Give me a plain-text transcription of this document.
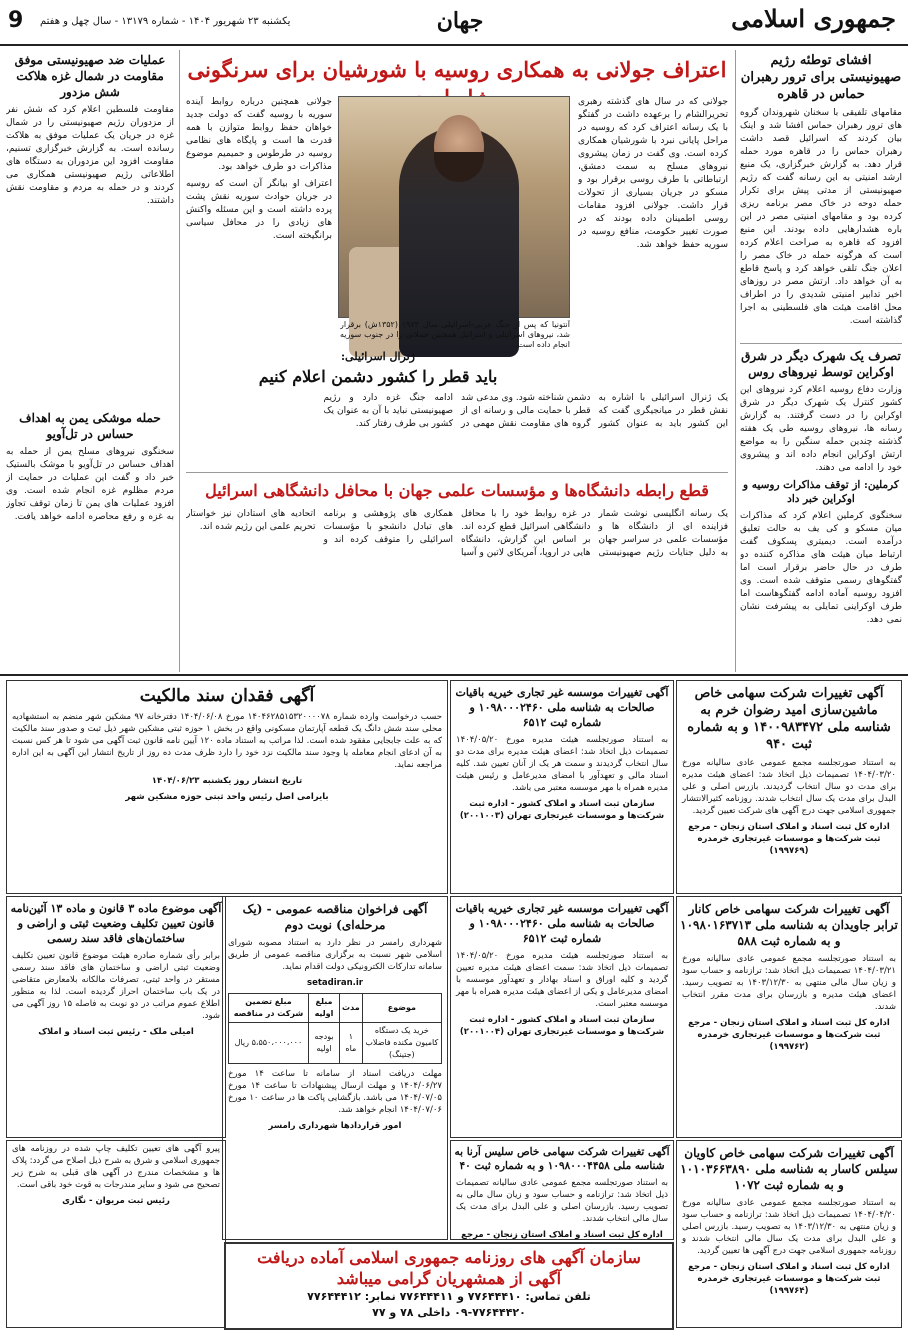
جمهوری اسلامی
جهان
یکشنبه ۲۳ شهریور ۱۴۰۴ - شماره ۱۳۱۷۹ - سال چهل و هفتم
9
افشای توطئه رژیم صهیونیستی برای ترور رهبران حماس در قاهره
مقامهای تلفیقی با سخنان شهروندان گروه های ترور رهبران حماس افشا شد و اینک بیان کردند که اسرائیل قصد داشت رهبران حماس را در قاهره مورد حمله قرار دهد. به گزارش خبرگزاری، یک منبع ارشد امنیتی به این رسانه گفت که رژیم صهیونیستی از مدتی پیش برای تکرار حمله دوحه در خاک مصر برنامه ریزی کرده بود و مقامهای امنیتی مصر در این باره هشدارهایی داده بودند. این منبع افزود که قاهره به صراحت اعلام کرده است که هرگونه حمله در خاک مصر را اعلان جنگ تلقی خواهد کرد و پاسخ قاطع به آن خواهد داد. ارتش مصر در روزهای اخیر تدابیر امنیتی شدیدی را در اطراف محل اقامت هیئت های فلسطینی به اجرا گذاشته است.
تصرف یک شهرک دیگر در شرق اوکراین توسط نیروهای روس
وزارت دفاع روسیه اعلام کرد نیروهای این کشور کنترل یک شهرک دیگر در شرق اوکراین را در دست گرفتند. به گزارش رسانه ها، نیروهای روسیه طی یک هفته گذشته چندین حمله سنگین را به مواضع ارتش اوکراین انجام داده اند و پیشروی خود را ادامه می دهند.
کرملین: از توقف مذاکرات روسیه و اوکراین خبر داد
سخنگوی کرملین اعلام کرد که مذاکرات میان مسکو و کی یف به حالت تعلیق درآمده است. دیمیتری پسکوف گفت ارتباط میان هیئت های مذاکره کننده دو طرف در حال حاضر برقرار است اما گفتگوهای رسمی متوقف شده است. وی افزود روسیه آماده ادامه گفتگوهاست اما طرف اوکراینی تمایلی به پیشرفت نشان نمی دهد.
اعتراف جولانی به همکاری روسیه با شورشیان برای سرنگونی
جولانی که در سال های گذشته رهبری تحریرالشام را برعهده داشت در گفتگو با یک رسانه اعتراف کرد که روسیه در مراحل پایانی نبرد با شورشیان همکاری کرده است. وی گفت در زمان پیشروی نیروهای مسلح به سمت دمشق، ارتباطاتی با طرف روسی برقرار بود و مسکو در جریان بسیاری از تحولات قرار داشت. جولانی افزود مقامات روسی اطمینان داده بودند که در صورت تغییر حکومت، منافع روسیه در سوریه حفظ خواهد شد.
آنتونیا که پس از جنگ عربی-اسرائیلی سال ۱۹۷۳ (۱۳۵۲ش) برقرار شد، نیروهای اسرائیلی و اسرائیل همچنین حملاتی را در جنوب سوریه انجام داده است.
جولانی همچنین درباره روابط آینده سوریه با روسیه گفت که دولت جدید خواهان حفظ روابط متوازن با همه قدرت ها است و پایگاه های نظامی روسیه در طرطوس و حمیمیم موضوع مذاکرات دو طرف خواهد بود.
اعتراف او بیانگر آن است که روسیه در جریان حوادث سوریه نقش پشت پرده داشته است و این مسئله واکنش های زیادی را در محافل سیاسی برانگیخته است.
ژنرال اسرائیلی:
باید قطر را کشور دشمن اعلام کنیم
یک ژنرال اسرائیلی با اشاره به نقش قطر در میانجیگری گفت که این کشور باید به عنوان کشور دشمن شناخته شود. وی مدعی شد قطر با حمایت مالی و رسانه ای از گروه های مقاومت نقش مهمی در ادامه جنگ غزه دارد و رژیم صهیونیستی نباید با آن به عنوان یک کشور بی طرف رفتار کند.
قطع رابطه دانشگاه‌ها و مؤسسات علمی جهان با محافل دانشگاهی اسرائیل
یک رسانه انگلیسی نوشت شمار فزاینده ای از دانشگاه ها و مؤسسات علمی در سراسر جهان به دلیل جنایات رژیم صهیونیستی در غزه روابط خود را با محافل دانشگاهی اسرائیل قطع کرده اند. بر اساس این گزارش، دانشگاه هایی در اروپا، آمریکای لاتین و آسیا همکاری های پژوهشی و برنامه های تبادل دانشجو با مؤسسات اسرائیلی را متوقف کرده اند و اتحادیه های استادان نیز خواستار تحریم علمی این رژیم شده اند.
عملیات ضد صهیونیستی موفق مقاومت در شمال غزه هلاکت شش مزدور
مقاومت فلسطین اعلام کرد که شش نفر از مزدوران رژیم صهیونیستی را در شمال غزه در جریان یک عملیات موفق به هلاکت رسانده است. به گزارش خبرگزاری تسنیم، مقاومت افزود این مزدوران به دستگاه های اطلاعاتی رژیم صهیونیستی همکاری می کردند و در حمله به مردم و مقاومت نقش داشتند.
حمله موشکی یمن به اهداف حساس در تل‌آویو
سخنگوی نیروهای مسلح یمن از حمله به اهداف حساس در تل‌آویو با موشک بالستیک خبر داد و گفت این عملیات در حمایت از مردم مظلوم غزه انجام شده است. وی افزود عملیات های یمن تا زمان توقف تجاوز به غزه و رفع محاصره ادامه خواهد یافت.
آگهی تغییرات شرکت سهامی خاص ماشین‌سازی امید رضوان خرم به شناسه ملی ۱۴۰۰۹۸۳۴۷۲ و به شماره ثبت ۹۴۰
به استناد صورتجلسه مجمع عمومی عادی سالیانه مورخ ۱۴۰۴/۰۳/۲۰ تصمیمات ذیل اتخاذ شد: اعضای هیئت مدیره برای مدت دو سال انتخاب گردیدند. بازرس اصلی و علی البدل برای مدت یک سال انتخاب شدند. روزنامه کثیرالانتشار جمهوری اسلامی جهت درج آگهی های شرکت تعیین گردید.
اداره کل ثبت اسناد و املاک استان زنجان - مرجع ثبت شرکت‌ها و موسسات غیرتجاری خرمدره (۱۹۹۷۶۹)
آگهی تغییرات موسسه غیر تجاری خیریه باقیات صالحات به شناسه ملی ۱۰۹۸۰۰۰۲۴۶۰ و شماره ثبت ۶۵۱۲
به استناد صورتجلسه هیئت مدیره مورخ ۱۴۰۴/۰۵/۲۰ تصمیمات ذیل اتخاذ شد: اعضای هیئت مدیره برای مدت دو سال انتخاب گردیدند و سمت هر یک از آنان تعیین شد. کلیه اسناد مالی و تعهدآور با امضای مدیرعامل و رئیس هیئت مدیره همراه با مهر موسسه معتبر می باشد.
سازمان ثبت اسناد و املاک کشور - اداره ثبت شرکت‌ها و موسسات غیرتجاری تهران (۲۰۰۱۰۰۳)
آگهی فقدان سند مالکیت
حسب درخواست وارده شماره ۱۴۰۴۶۲۸۵۱۵۳۲۰۰۰۰۷۸ مورخ ۱۴۰۴/۰۶/۰۸ دفترخانه ۹۷ مشکین شهر منضم به استشهادیه محلی سند شش دانگ یک قطعه آپارتمان مسکونی واقع در بخش ۱ حوزه ثبتی مشکین شهر ذیل ثبت و صدور سند مالکیت که به علت جابجایی مفقود شده است. لذا مراتب به استناد ماده ۱۲۰ آیین نامه قانون ثبت آگهی می شود تا هر کس نسبت به آن ادعای انجام معامله یا وجود سند مالکیت نزد خود را دارد ظرف مدت ده روز از تاریخ انتشار این آگهی به این اداره مراجعه نماید.
تاریخ انتشار روز یکشنبه ۱۴۰۴/۰۶/۲۳
بایرامی اصل رئیس واحد ثبتی حوزه مشکین شهر
آگهی تغییرات شرکت سهامی خاص کانار ترابر جاویدان به شناسه ملی ۱۰۹۸۰۱۶۳۷۱۳ و به شماره ثبت ۵۸۸
به استناد صورتجلسه مجمع عمومی عادی سالیانه مورخ ۱۴۰۴/۰۳/۲۱ تصمیمات ذیل اتخاذ شد: ترازنامه و حساب سود و زیان سال مالی منتهی به ۱۴۰۳/۱۲/۳۰ به تصویب رسید. اعضای هیئت مدیره و بازرسان برای مدت مقرر انتخاب شدند.
اداره کل ثبت اسناد و املاک استان زنجان - مرجع ثبت شرکت‌ها و موسسات غیرتجاری خرمدره (۱۹۹۷۶۲)
آگهی تغییرات موسسه غیر تجاری خیریه باقیات صالحات به شناسه ملی ۱۰۹۸۰۰۰۲۴۶۰ و شماره ثبت ۶۵۱۲
به استناد صورتجلسه هیئت مدیره مورخ ۱۴۰۴/۰۵/۲۰ تصمیمات ذیل اتخاذ شد: سمت اعضای هیئت مدیره تعیین گردید و کلیه اوراق و اسناد بهادار و تعهدآور موسسه با امضای مدیرعامل و یکی از اعضای هیئت مدیره همراه با مهر موسسه معتبر است.
سازمان ثبت اسناد و املاک کشور - اداره ثبت شرکت‌ها و موسسات غیرتجاری تهران (۲۰۰۱۰۰۴)
آگهی فراخوان مناقصه عمومی - (یک مرحله‌ای) نوبت دوم
شهرداری رامسر در نظر دارد به استناد مصوبه شورای اسلامی شهر نسبت به برگزاری مناقصه عمومی از طریق سامانه تدارکات الکترونیکی دولت اقدام نماید.
setadiran.ir
موضوع	مدت	مبلغ اولیه	مبلغ تضمین شرکت در مناقصه
خرید یک دستگاه کامیون مکنده فاضلاب (جتینگ)	۱ ماه	بودجه اولیه	۵،۵۵۰،۰۰۰،۰۰۰ ریال
مهلت دریافت اسناد از سامانه تا ساعت ۱۴ مورخ ۱۴۰۴/۰۶/۲۷ و مهلت ارسال پیشنهادات تا ساعت ۱۴ مورخ ۱۴۰۴/۰۷/۰۵ می باشد. بازگشایی پاکت ها در ساعت ۱۰ مورخ ۱۴۰۴/۰۷/۰۶ انجام خواهد شد.
امور قراردادها شهرداری رامسر
آگهی موضوع ماده ۳ قانون و ماده ۱۳ آئین‌نامه قانون تعیین تکلیف وضعیت ثبتی و اراضی و ساختمان‌های فاقد سند رسمی
برابر رأی شماره صادره هیئت موضوع قانون تعیین تکلیف وضعیت ثبتی اراضی و ساختمان های فاقد سند رسمی مستقر در واحد ثبتی، تصرفات مالکانه بلامعارض متقاضی در یک باب ساختمان احراز گردیده است. لذا به منظور اطلاع عموم مراتب در دو نوبت به فاصله ۱۵ روز آگهی می شود.
امیلی ملک - رئیس ثبت اسناد و املاک
آگهی تغییرات شرکت سهامی خاص کاویان سیلس کاسار به شناسه ملی ۱۰۱۰۳۶۶۳۸۹۰ و به شماره ثبت ۱۰۷۲
به استناد صورتجلسه مجمع عمومی عادی سالیانه مورخ ۱۴۰۴/۰۴/۲۰ تصمیمات ذیل اتخاذ شد: ترازنامه و حساب سود و زیان منتهی به ۱۴۰۳/۱۲/۳۰ به تصویب رسید. بازرس اصلی و علی البدل برای مدت یک سال مالی انتخاب شدند و روزنامه جمهوری اسلامی جهت درج آگهی ها تعیین گردید.
اداره کل ثبت اسناد و املاک استان زنجان - مرجع ثبت شرکت‌ها و موسسات غیرتجاری خرمدره (۱۹۹۷۶۴)
آگهی تغییرات شرکت سهامی خاص سلیس آرنا به شناسه ملی ۱۰۹۸۰۰۰۴۴۵۸ و به شماره ثبت ۴۰
به استناد صورتجلسه مجمع عمومی عادی سالیانه تصمیمات ذیل اتخاذ شد: ترازنامه و حساب سود و زیان سال مالی به تصویب رسید. بازرسان اصلی و علی البدل برای مدت یک سال مالی انتخاب شدند.
اداره کل ثبت اسناد و املاک استان زنجان - مرجع
پیرو آگهی های تعیین تکلیف چاپ شده در روزنامه های جمهوری اسلامی و شرق به شرح ذیل اصلاح می گردد: پلاک ها و مشخصات مندرج در آگهی های قبلی به شرح زیر تصحیح می شود و سایر مندرجات به قوت خود باقی است.
رئیس ثبت مریوان - نگاری
سازمان آگهی های روزنامه جمهوری اسلامی آماده دریافت
آگهی از همشهریان گرامی میباشد
تلفن تماس: ۷۷۶۴۴۴۱۰ و ۷۷۶۴۴۴۱۱ نمابر: ۷۷۶۴۴۴۱۲
۰۹-۷۷۶۴۴۴۲۰ داخلی ۷۸ و ۷۷
